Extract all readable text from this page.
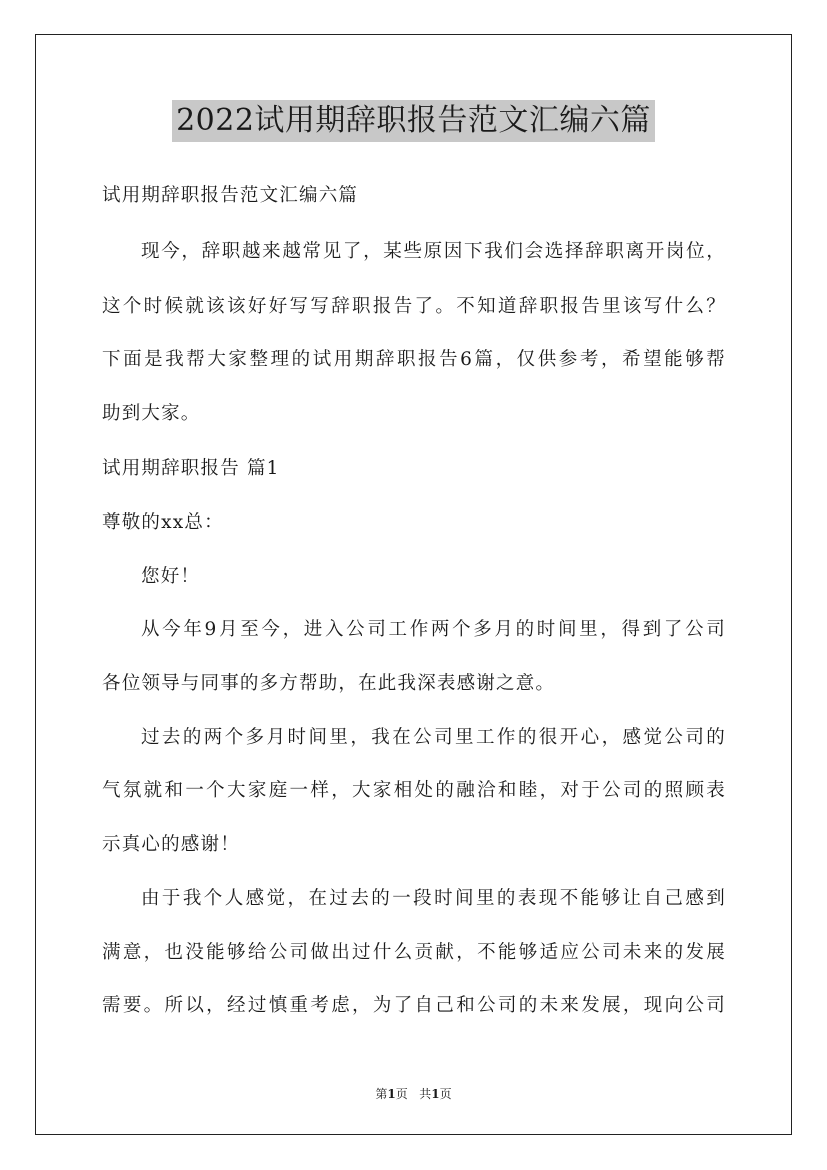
2022试用期辞职报告范文汇编六篇
试用期辞职报告范文汇编六篇
现今，辞职越来越常见了，某些原因下我们会选择辞职离开岗位，
这个时候就该该好好写写辞职报告了。不知道辞职报告里该写什么？
下面是我帮大家整理的试用期辞职报告6篇，仅供参考，希望能够帮
助到大家。
试用期辞职报告 篇1
尊敬的xx总：
您好！
从今年9月至今，进入公司工作两个多月的时间里，得到了公司
各位领导与同事的多方帮助，在此我深表感谢之意。
过去的两个多月时间里，我在公司里工作的很开心，感觉公司的
气氛就和一个大家庭一样，大家相处的融洽和睦，对于公司的照顾表
示真心的感谢！
由于我个人感觉，在过去的一段时间里的表现不能够让自己感到
满意，也没能够给公司做出过什么贡献，不能够适应公司未来的发展
需要。所以，经过慎重考虑，为了自己和公司的未来发展，现向公司
第1页 共1页
